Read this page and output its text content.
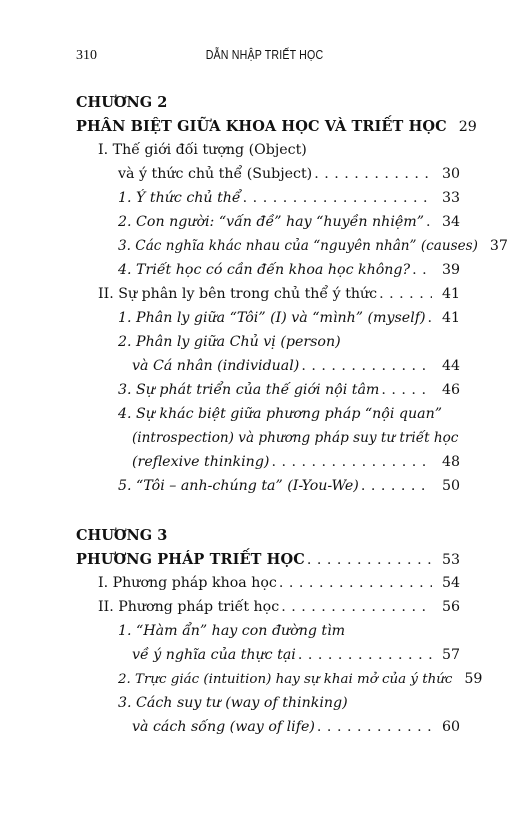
310	DẪN NHẬP TRIẾT HỌC
CHƯƠNG 2
PHÂN BIỆT GIỮA KHOA HỌC VÀ TRIẾT HỌC 29
I. Thế giới đối tượng (Object)
và ý thức chủ thể (Subject) . . .	30
1. Ý thức chủ thể . . .	33
2. Con người: “vấn đề” hay “huyền nhiệm” . . . 34
3. Các nghĩa khác nhau của “nguyên nhân” (causes) 37
4. Triết học có cần đến khoa học không? . . . 39
II. Sự phân ly bên trong chủ thể ý thức . . .	41
1. Phân ly giữa “Tôi” (I) và “mình” (myself) . . . 41
2. Phân ly giữa Chủ vị (person)
và Cá nhân (individual) . . .	44
3. Sự phát triển của thế giới nội tâm . . .	46
4. Sự khác biệt giữa phương pháp “nội quan”
(introspection) và phương pháp suy tư triết học
(reflexive thinking) . . .	48
5. “Tôi – anh-chúng ta” (I-You-We) . . .	50
CHƯƠNG 3
PHƯƠNG PHÁP TRIẾT HỌC . . .	53
I. Phương pháp khoa học . . .	54
II. Phương pháp triết học . . .	56
1. “Hàm ẩn” hay con đường tìm
về ý nghĩa của thực tại . . .	57
2. Trực giác (intuition) hay sự khai mở của ý thức 59
3. Cách suy tư (way of thinking)
và cách sống (way of life) . . .	60
